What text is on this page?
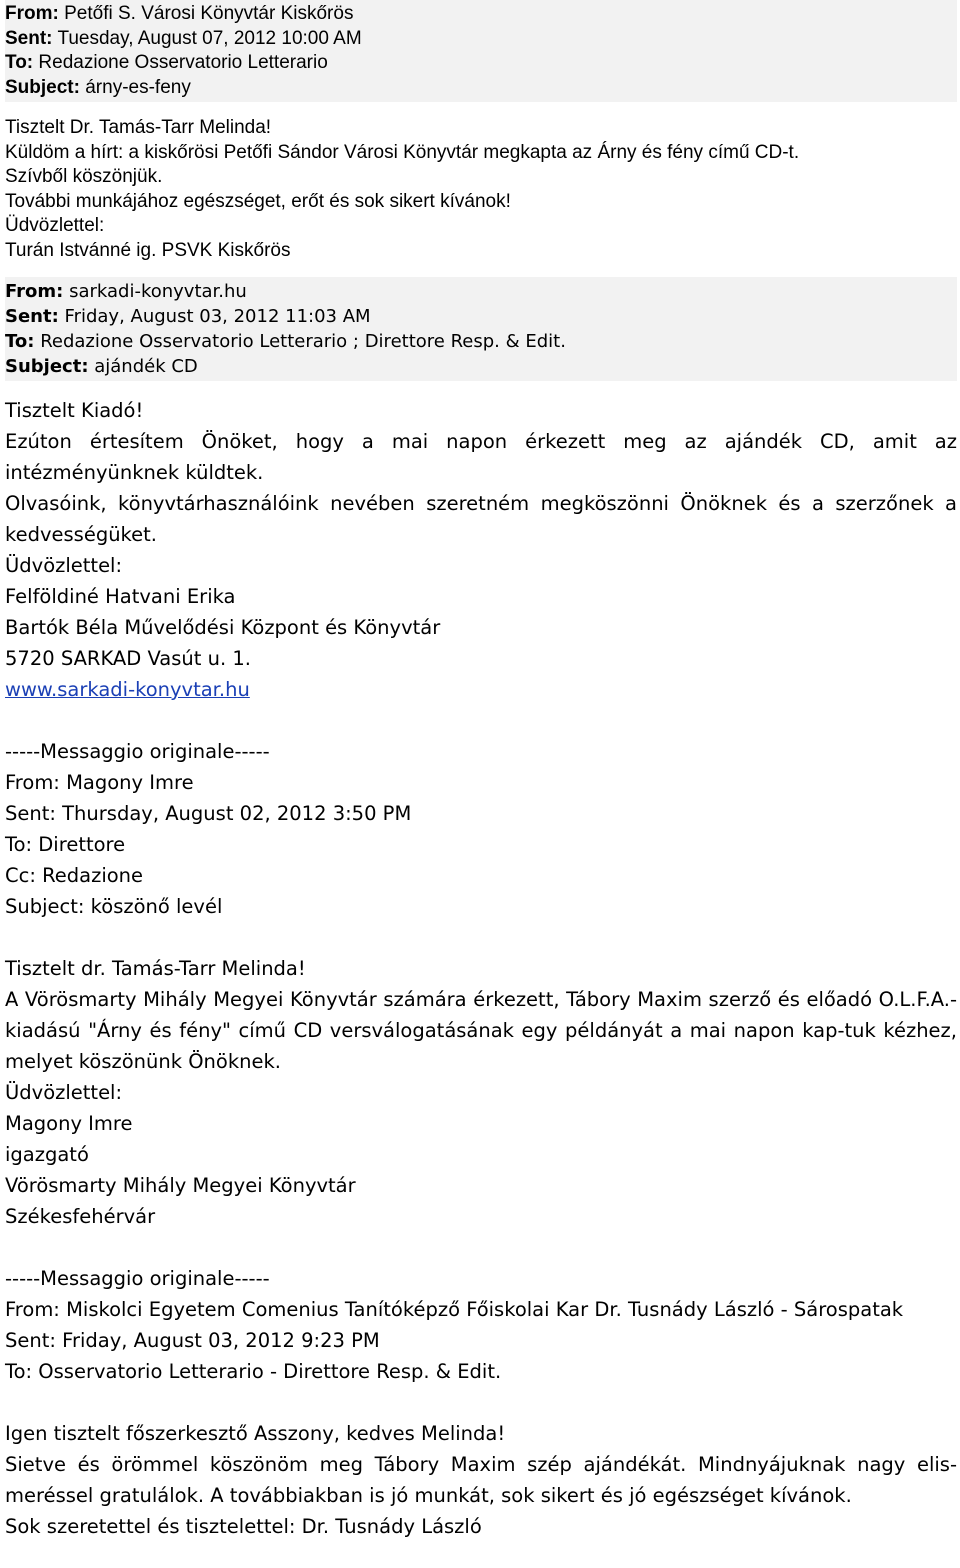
From: Petőfi S. Városi Könyvtár Kiskőrös
Sent: Tuesday, August 07, 2012 10:00 AM
To: Redazione Osservatorio Letterario
Subject: árny-es-feny
Tisztelt Dr. Tamás-Tarr Melinda!
Küldöm a hírt: a kiskőrösi Petőfi Sándor Városi Könyvtár megkapta az Árny és fény című CD-t.
Szívből köszönjük.
További munkájához egészséget, erőt és sok sikert kívánok!
Üdvözlettel:
Turán Istvánné ig. PSVK Kiskőrös
From: sarkadi-konyvtar.hu
Sent: Friday, August 03, 2012 11:03 AM
To: Redazione Osservatorio Letterario ; Direttore Resp. & Edit.
Subject: ajándék CD
Tisztelt Kiadó!
Ezúton értesítem Önöket, hogy a mai napon érkezett meg az ajándék CD, amit az intézményünknek küldtek.
Olvasóink, könyvtárhasználóink nevében szeretném megköszönni Önöknek és a szerzőnek a kedvességüket.
Üdvözlettel:
Felföldiné Hatvani Erika
Bartók Béla Művelődési Központ és Könyvtár
5720 SARKAD Vasút u. 1.
www.sarkadi-konyvtar.hu
-----Messaggio originale-----
From: Magony Imre
Sent: Thursday, August 02, 2012 3:50 PM
To: Direttore
Cc: Redazione
Subject: köszönő levél
Tisztelt dr. Tamás-Tarr Melinda!
A Vörösmarty Mihály Megyei Könyvtár számára érkezett, Tábory Maxim szerző és előadó O.L.F.A.-kiadású "Árny és fény" című CD versválogatásának egy példányát a mai napon kap-tuk kézhez, melyet köszönünk Önöknek.
Üdvözlettel:
Magony Imre
igazgató
Vörösmarty Mihály Megyei Könyvtár
Székesfehérvár
-----Messaggio originale-----
From: Miskolci Egyetem Comenius Tanítóképző Főiskolai Kar Dr. Tusnády László - Sárospatak
Sent: Friday, August 03, 2012 9:23 PM
To: Osservatorio Letterario - Direttore Resp. & Edit.
Igen tisztelt főszerkesztő Asszony, kedves Melinda!
Sietve és örömmel köszönöm meg Tábory Maxim szép ajándékát. Mindnyájuknak nagy elis-meréssel gratulálok. A továbbiakban is jó munkát, sok sikert és jó egészséget kívánok.
Sok szeretettel és tisztelettel: Dr. Tusnády László
